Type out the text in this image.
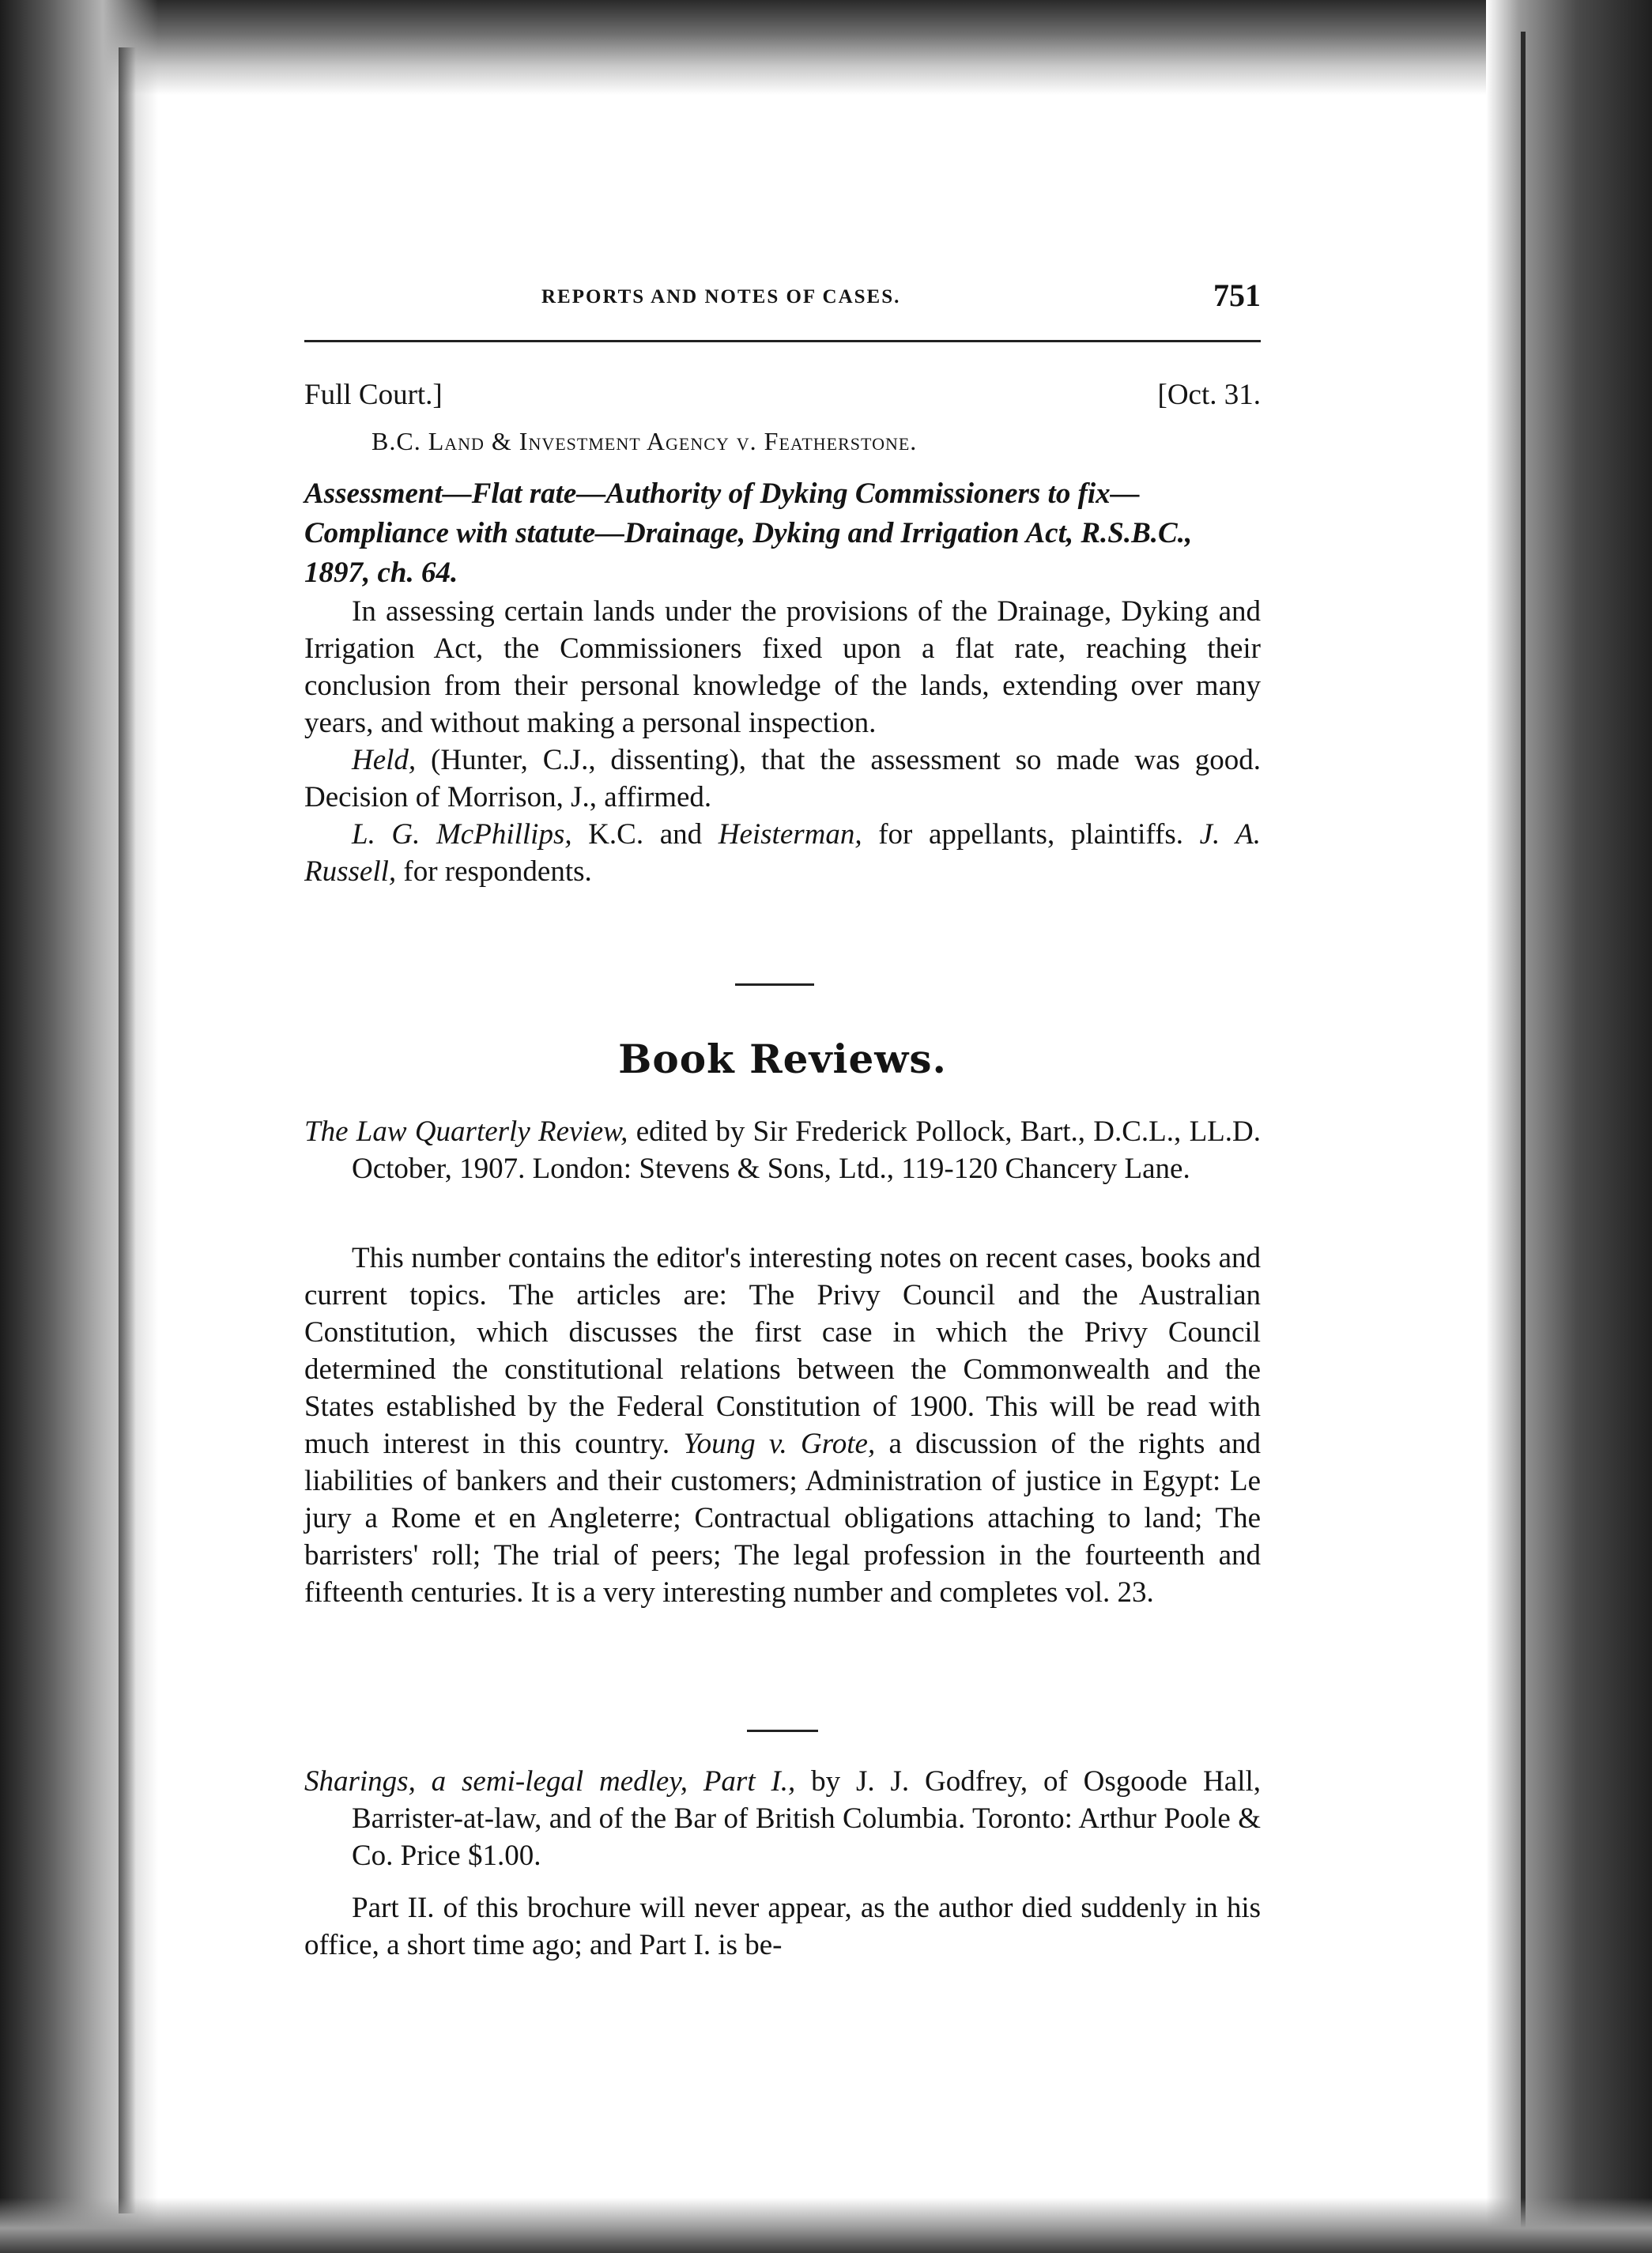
REPORTS AND NOTES OF CASES.	751
Full Court.]	[Oct. 31.
B.C. Land & Investment Agency v. Featherstone.
Assessment—Flat rate—Authority of Dyking Commissioners to fix—Compliance with statute—Drainage, Dyking and Irrigation Act, R.S.B.C., 1897, ch. 64.
In assessing certain lands under the provisions of the Drainage, Dyking and Irrigation Act, the Commissioners fixed upon a flat rate, reaching their conclusion from their personal knowledge of the lands, extending over many years, and without making a personal inspection.
Held, (Hunter, C.J., dissenting), that the assessment so made was good. Decision of Morrison, J., affirmed.
L. G. McPhillips, K.C. and Heisterman, for appellants, plaintiffs. J. A. Russell, for respondents.
Book Reviews.
The Law Quarterly Review, edited by Sir Frederick Pollock, Bart., D.C.L., LL.D. October, 1907. London: Stevens & Sons, Ltd., 119-120 Chancery Lane.
This number contains the editor's interesting notes on recent cases, books and current topics. The articles are: The Privy Council and the Australian Constitution, which discusses the first case in which the Privy Council determined the constitutional relations between the Commonwealth and the States established by the Federal Constitution of 1900. This will be read with much interest in this country. Young v. Grote, a discussion of the rights and liabilities of bankers and their customers; Administration of justice in Egypt: Le jury a Rome et en Angleterre; Contractual obligations attaching to land; The barristers' roll; The trial of peers; The legal profession in the fourteenth and fifteenth centuries. It is a very interesting number and completes vol. 23.
Sharings, a semi-legal medley, Part I., by J. J. Godfrey, of Osgoode Hall, Barrister-at-law, and of the Bar of British Columbia. Toronto: Arthur Poole & Co. Price $1.00.
Part II. of this brochure will never appear, as the author died suddenly in his office, a short time ago; and Part I. is be-
